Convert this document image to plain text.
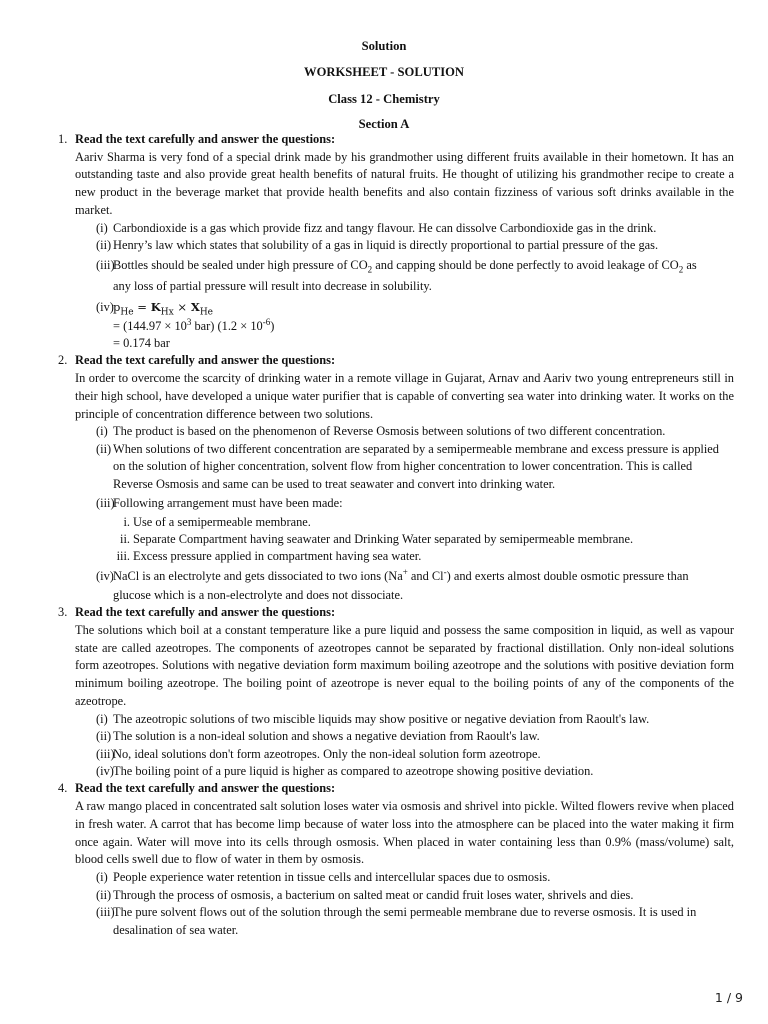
Solution
WORKSHEET - SOLUTION
Class 12 - Chemistry
Section A
1. Read the text carefully and answer the questions:
Aariv Sharma is very fond of a special drink made by his grandmother using different fruits available in their hometown. It has an outstanding taste and also provide great health benefits of natural fruits. He thought of utilizing his grandmother recipe to create a new product in the beverage market that provide health benefits and also contain fizziness of various soft drinks available in the market.
(i) Carbondioxide is a gas which provide fizz and tangy flavour. He can dissolve Carbondioxide gas in the drink.
(ii) Henry’s law which states that solubility of a gas in liquid is directly proportional to partial pressure of the gas.
(iii)
Bottles should be sealed under high pressure of $CO_2$ and capping should be done perfectly to avoid leakage of $CO_2$ as
any loss of partial pressure will result into decrease in solubility.
(iv) $p_{He} = K_{Hx} \times X_{He}$
= ($144.97 \times 10^3$ bar) $(1.2 \times 10^{-6})$
= 0.174 bar
2. Read the text carefully and answer the questions:
In order to overcome the scarcity of drinking water in a remote village in Gujarat, Arnav and Aariv two young entrepreneurs still in their high school, have developed a unique water purifier that is capable of converting sea water into drinking water. It works on the principle of concentration difference between two solutions.
(i) The product is based on the phenomenon of Reverse Osmosis between solutions of two different concentration.
(ii) When solutions of two different concentration are separated by a semipermeable membrane and excess pressure is applied on the solution of higher concentration, solvent flow from higher concentration to lower concentration. This is called Reverse Osmosis and same can be used to treat seawater and convert into drinking water.
(iii)
Following arrangement must have been made:
i. Use of a semipermeable membrane.
ii. Separate Compartment having seawater and Drinking Water separated by semipermeable membrane.
iii. Excess pressure applied in compartment having sea water.
(iv) NaCl is an electrolyte and gets dissociated to two ions (Na+ and Cl-) and exerts almost double osmotic pressure than
glucose which is a non-electrolyte and does not dissociate.
3. Read the text carefully and answer the questions:
The solutions which boil at a constant temperature like a pure liquid and possess the same composition in liquid, as well as vapour state are called azeotropes. The components of azeotropes cannot be separated by fractional distillation. Only non-ideal solutions form azeotropes. Solutions with negative deviation form maximum boiling azeotrope and the solutions with positive deviation form minimum boiling azeotrope. The boiling point of azeotrope is never equal to the boiling points of any of the components of the azeotrope.
(i) The azeotropic solutions of two miscible liquids may show positive or negative deviation from Raoult's law.
(ii) The solution is a non-ideal solution and shows a negative deviation from Raoult's law.
(iii)
No, ideal solutions don't form azeotropes. Only the non-ideal solution form azeotrope.
(iv) The boiling point of a pure liquid is higher as compared to azeotrope showing positive deviation.
4. Read the text carefully and answer the questions:
A raw mango placed in concentrated salt solution loses water via osmosis and shrivel into pickle. Wilted flowers revive when placed in fresh water. A carrot that has become limp because of water loss into the atmosphere can be placed into the water making it firm once again. Water will move into its cells through osmosis. When placed in water containing less than 0.9% (mass/volume) salt, blood cells swell due to flow of water in them by osmosis.
(i) People experience water retention in tissue cells and intercellular spaces due to osmosis.
(ii) Through the process of osmosis, a bacterium on salted meat or candid fruit loses water, shrivels and dies.
(iii)
The pure solvent flows out of the solution through the semi permeable membrane due to reverse osmosis. It is used in desalination of sea water.
1 / 9
